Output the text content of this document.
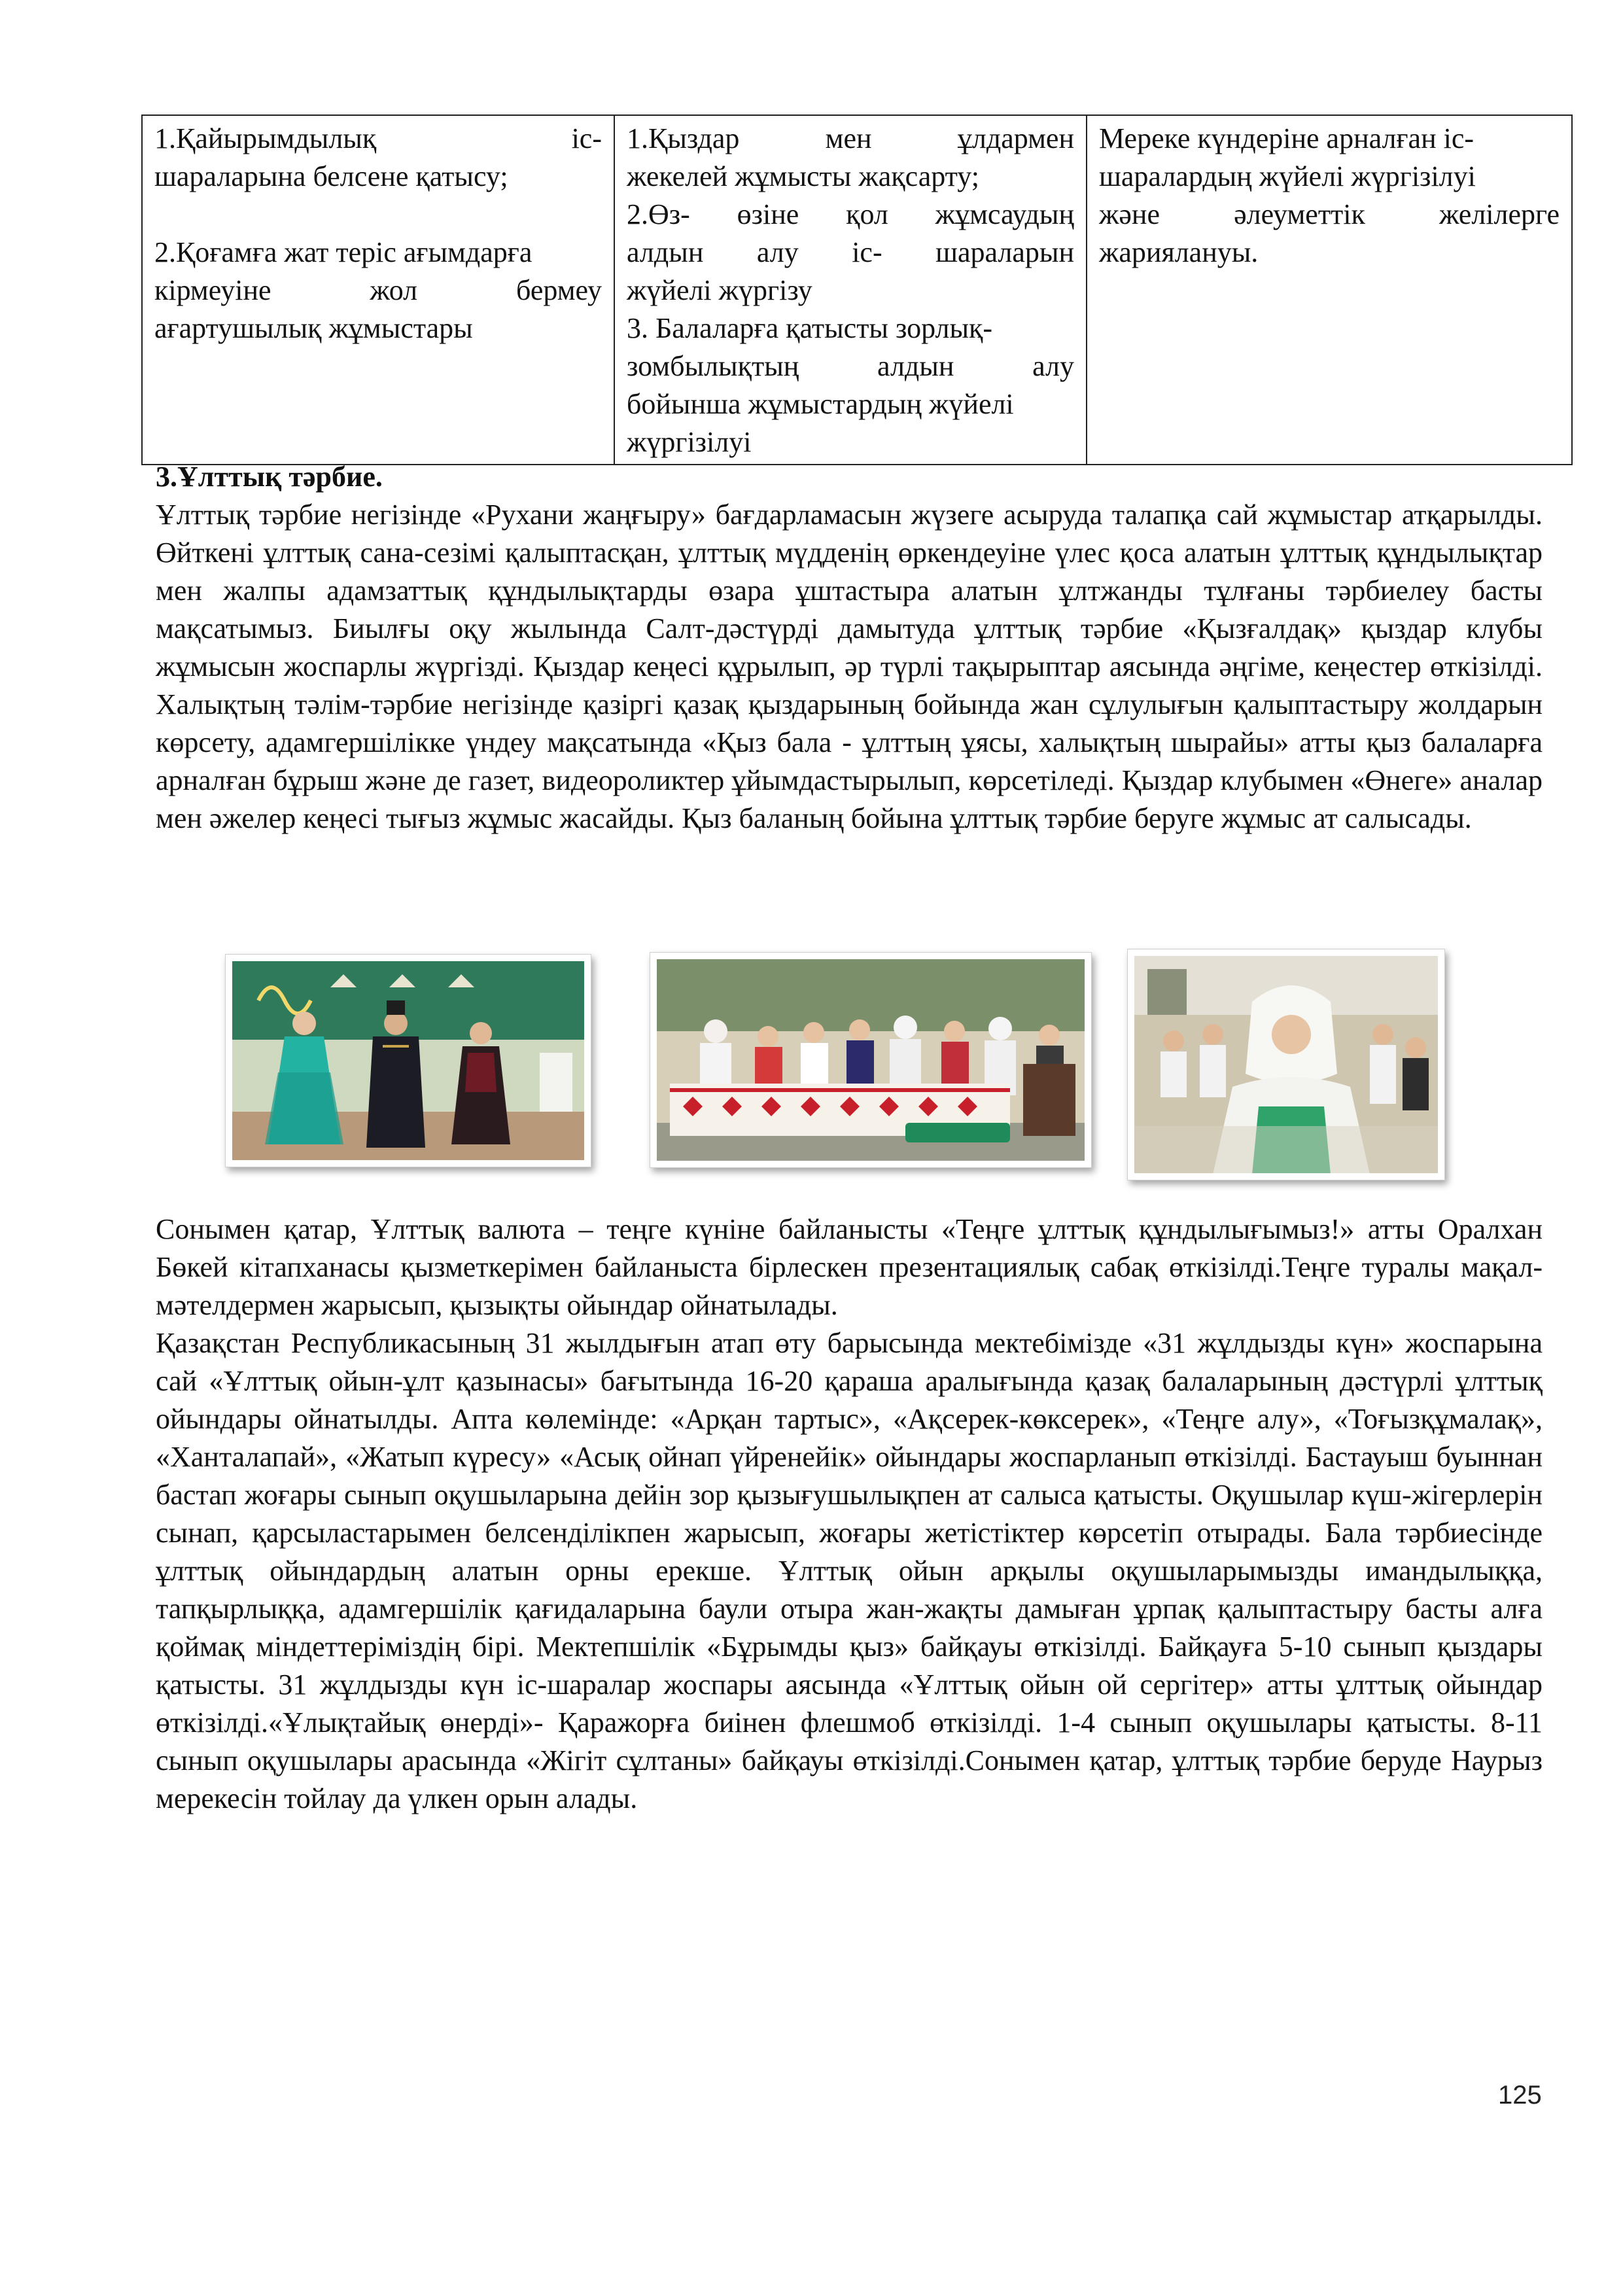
1.Қайырымдылық іс-
шараларына белсене қатысу;
2.Қоғамға жат теріс ағымдарға
кірмеуіне жол бермеу
ағартушылық жұмыстары

1.Қыздар мен ұлдармен
жекелей жұмысты жақсарту;
2.Өз- өзіне қол жұмсаудың
алдын алу іс- шараларын
жүйелі жүргізу
3. Балаларға қатысты зорлық-
зомбылықтың алдын алу
бойынша жұмыстардың жүйелі
жүргізілуі

Мереке күндеріне арналған іс-
шаралардың жүйелі жүргізілуі
және әлеуметтік желілерге
жариялануы.
3.Ұлттық тәрбие.

Ұлттық тәрбие негізінде «Рухани жаңғыру» бағдарламасын жүзеге асыруда талапқа сай жұмыстар атқарылды. Өйткені ұлттық сана-сезімі қалыптасқан, ұлттық мүдденің өркендеуіне үлес қоса алатын ұлттық құндылықтар мен жалпы адамзаттық құндылықтарды өзара ұштастыра алатын ұлтжанды тұлғаны тәрбиелеу басты мақсатымыз. Биылғы оқу жылында Салт-дәстүрді дамытуда ұлттық тәрбие «Қызғалдақ» қыздар клубы жұмысын жоспарлы жүргізді. Қыздар кеңесі құрылып, әр түрлі тақырыптар аясында әңгіме, кеңестер өткізілді. Халықтың тәлім-тәрбие негізінде қазіргі қазақ қыздарының бойында жан сұлулығын қалыптастыру жолдарын көрсету, адамгершілікке үндеу мақсатында «Қыз бала - ұлттың ұясы, халықтың шырайы» атты қыз балаларға арналған бұрыш және де газет, видеороликтер ұйымдастырылып, көрсетіледі. Қыздар клубымен «Өнеге» аналар мен әжелер кеңесі тығыз жұмыс жасайды. Қыз баланың бойына ұлттық тәрбие беруге жұмыс ат салысады.

Сонымен қатар, Ұлттық валюта – теңге күніне байланысты «Теңге ұлттық құндылығымыз!» атты Оралхан Бөкей кітапханасы қызметкерімен байланыста бірлескен презентациялық сабақ өткізілді.Теңге туралы мақал- мәтелдермен жарысып, қызықты ойындар ойнатылады.

Қазақстан Республикасының 31 жылдығын атап өту барысында мектебімізде «31 жұлдызды күн» жоспарына сай «Ұлттық ойын-ұлт қазынасы» бағытында 16-20 қараша аралығында қазақ балаларының дәстүрлі ұлттық ойындары ойнатылды. Апта көлемінде: «Арқан тартыс», «Ақсерек-көксерек», «Теңге алу», «Тоғызқұмалақ», «Ханталапай», «Жатып күресу» «Асық ойнап үйренейік» ойындары жоспарланып өткізілді. Бастауыш буыннан бастап жоғары сынып оқушыларына дейін зор қызығушылықпен ат салыса қатысты. Оқушылар күш-жігерлерін сынап, қарсыластарымен белсенділікпен жарысып, жоғары жетістіктер көрсетіп отырады. Бала тәрбиесінде ұлттық ойындардың алатын орны ерекше. Ұлттық ойын арқылы оқушыларымызды имандылыққа, тапқырлыққа, адамгершілік қағидаларына баули отыра жан-жақты дамыған ұрпақ қалыптастыру басты алға қоймақ міндеттеріміздің бірі. Мектепшілік «Бұрымды қыз» байқауы өткізілді. Байқауға 5-10 сынып қыздары қатысты. 31 жұлдызды күн іс-шаралар жоспары аясында «Ұлттық ойын ой сергітер» атты ұлттық ойындар өткізілді.«Ұлықтайық өнерді»- Қаражорға биінен флешмоб өткізілді. 1-4 сынып оқушылары қатысты. 8-11 сынып оқушылары арасында «Жігіт сұлтаны» байқауы өткізілді.Сонымен қатар, ұлттық тәрбие беруде Наурыз мерекесін тойлау да үлкен орын алады.

125
